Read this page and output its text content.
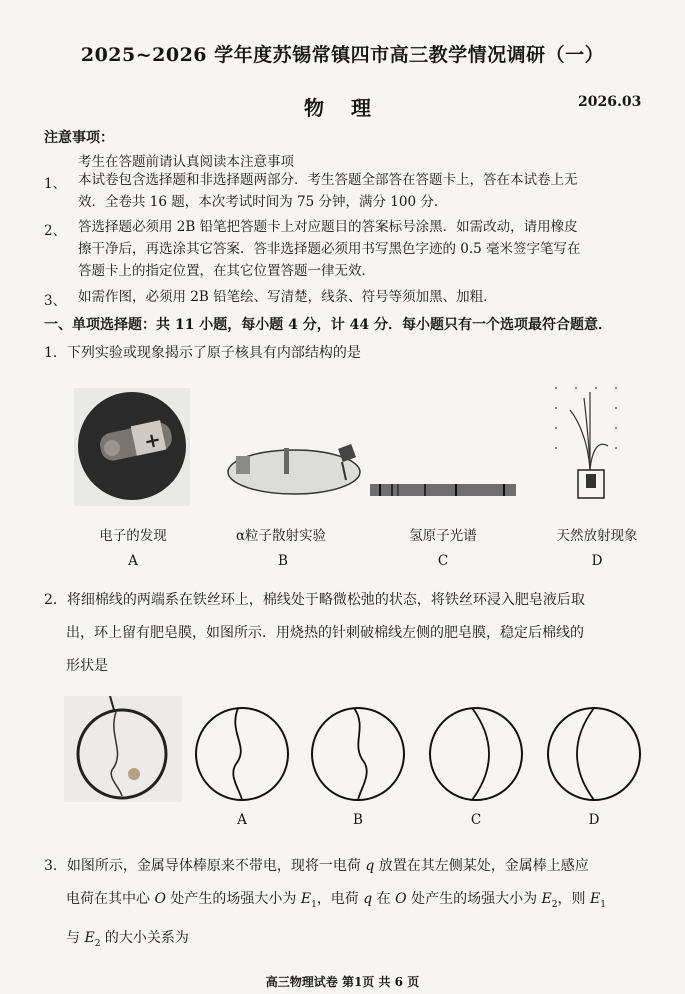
2025~2026 学年度苏锡常镇四市高三教学情况调研（一）
物 理	2026.03
注意事项：
考生在答题前请认真阅读本注意事项
1、 本试卷包含选择题和非选择题两部分．考生答题全部答在答题卡上，答在本试卷上无
效．全卷共 16 题，本次考试时间为 75 分钟，满分 100 分．
2、 答选择题必须用 2B 铅笔把答题卡上对应题目的答案标号涂黑．如需改动，请用橡皮
擦干净后，再选涂其它答案．答非选择题必须用书写黑色字迹的 0.5 毫米签字笔写在
答题卡上的指定位置，在其它位置答题一律无效．
3、 如需作图，必须用 2B 铅笔绘、写清楚，线条、符号等须加黑、加粗．
一、单项选择题：共 11 小题，每小题 4 分，计 44 分．每小题只有一个选项最符合题意．
1．下列实验或现象揭示了原子核具有内部结构的是
+
电子的发现	α粒子散射实验	氢原子光谱	天然放射现象
A	B	C	D
2．将细棉线的两端系在铁丝环上，棉线处于略微松弛的状态，将铁丝环浸入肥皂液后取
出，环上留有肥皂膜，如图所示．用烧热的针刺破棉线左侧的肥皂膜，稳定后棉线的
形状是
A	B	C	D
3．如图所示，金属导体棒原来不带电，现将一电荷 q 放置在其左侧某处，金属棒上感应
电荷在其中心 O 处产生的场强大小为 $E_1$，电荷 q 在 O 处产生的场强大小为 $E_2$，则 $E_1$
与 $E_2$ 的大小关系为
高三物理试卷 第1页 共 6 页
